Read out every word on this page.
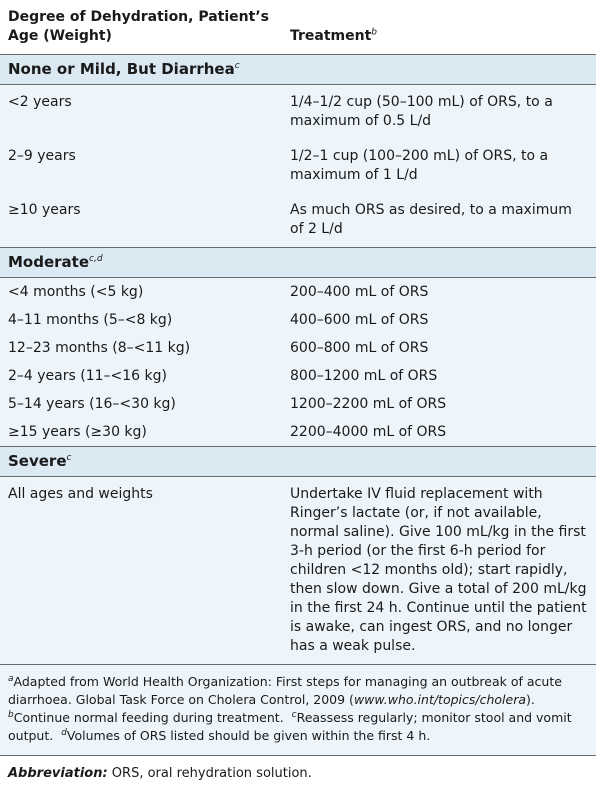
Degree of Dehydration, Patient’s Age (Weight)	Treatment$^b$
None or Mild, But Diarrhea$^c$
<2 years	1/4–1/2 cup (50–100 mL) of ORS, to a maximum of 0.5 L/d
2–9 years	1/2–1 cup (100–200 mL) of ORS, to a maximum of 1 L/d
≥10 years	As much ORS as desired, to a maximum of 2 L/d
Moderate$^{c,d}$
<4 months (<5 kg)	200–400 mL of ORS
4–11 months (5–<8 kg)	400–600 mL of ORS
12–23 months (8–<11 kg)	600–800 mL of ORS
2–4 years (11–<16 kg)	800–1200 mL of ORS
5–14 years (16–<30 kg)	1200–2200 mL of ORS
≥15 years (≥30 kg)	2200–4000 mL of ORS
Severe$^c$
All ages and weights	Undertake IV fluid replacement with Ringer’s lactate (or, if not available, normal saline). Give 100 mL/kg in the first 3-h period (or the first 6-h period for children <12 months old); start rapidly, then slow down. Give a total of 200 mL/kg in the first 24 h. Continue until the patient is awake, can ingest ORS, and no longer has a weak pulse.
$^a$Adapted from World Health Organization: First steps for managing an outbreak of acute diarrhoea. Global Task Force on Cholera Control, 2009 (www.who.int/topics/cholera).
$^b$Continue normal feeding during treatment. $^c$Reassess regularly; monitor stool and vomit output. $^d$Volumes of ORS listed should be given within the first 4 h.
Abbreviation: ORS, oral rehydration solution.
